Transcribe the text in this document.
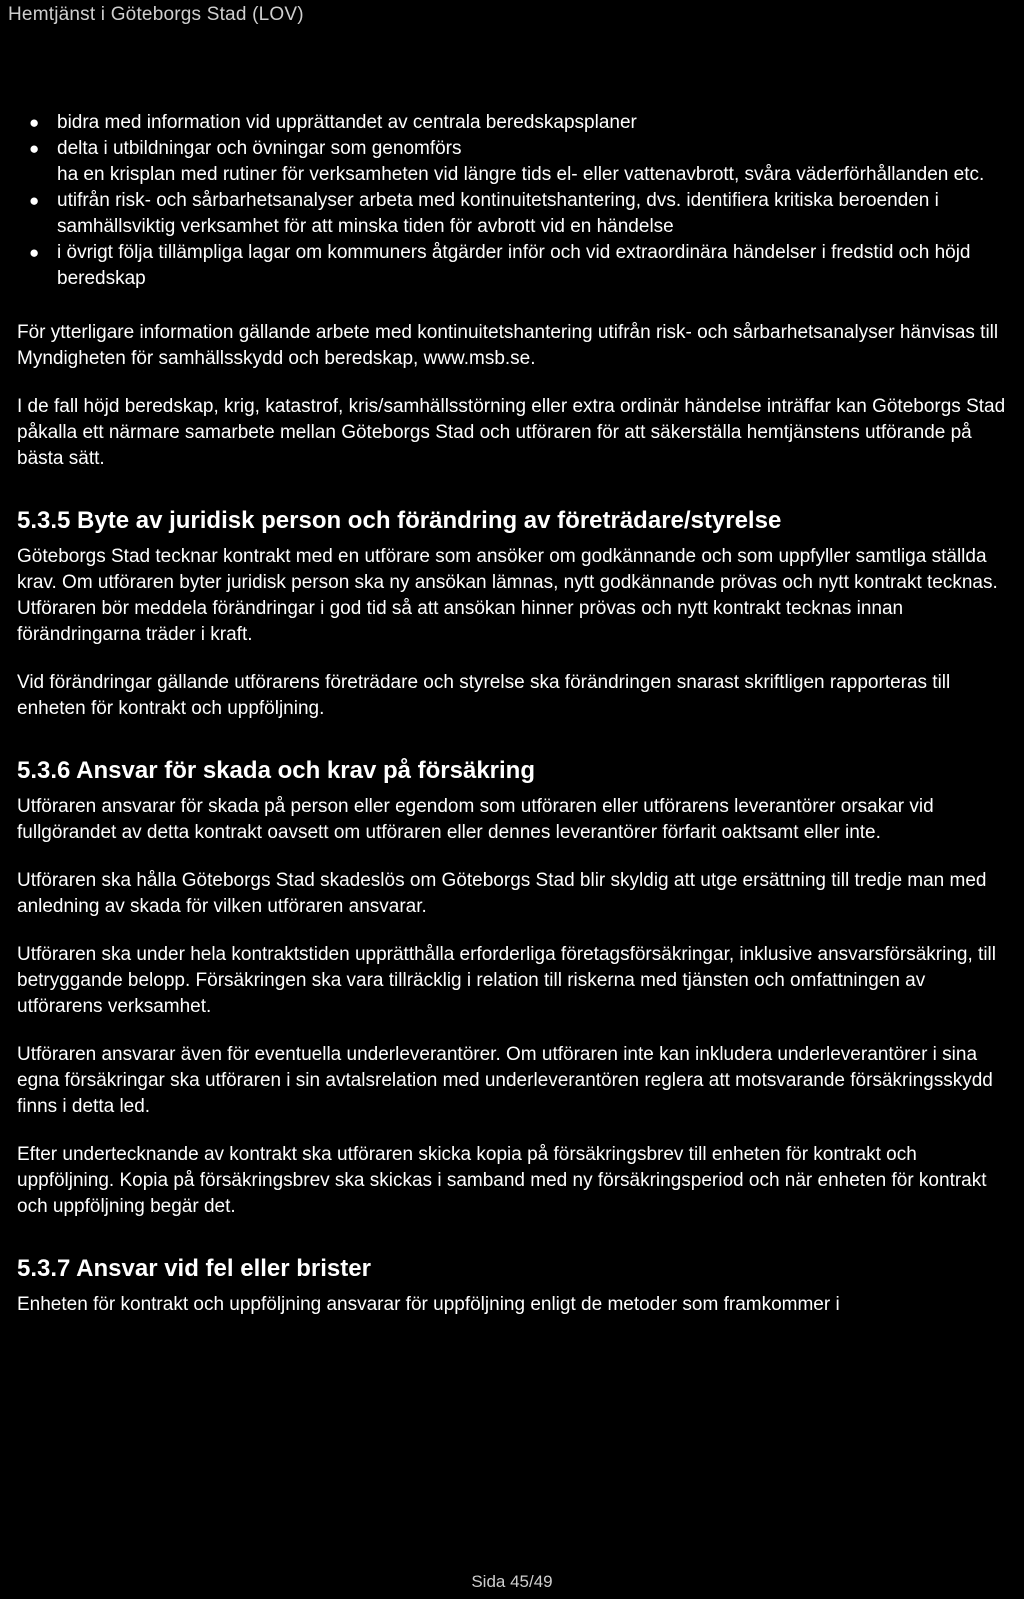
Hemtjänst i Göteborgs Stad (LOV)
● bidra med information vid upprättandet av centrala beredskapsplaner
● delta i utbildningar och övningar som genomförs
ha en krisplan med rutiner för verksamheten vid längre tids el- eller vattenavbrott, svåra väderförhållanden etc.
● utifrån risk- och sårbarhetsanalyser arbeta med kontinuitetshantering, dvs. identifiera kritiska beroenden i samhällsviktig verksamhet för att minska tiden för avbrott vid en händelse
● i övrigt följa tillämpliga lagar om kommuners åtgärder inför och vid extraordinära händelser i fredstid och höjd beredskap

För ytterligare information gällande arbete med kontinuitetshantering utifrån risk- och sårbarhetsanalyser hänvisas till Myndigheten för samhällsskydd och beredskap, www.msb.se.

I de fall höjd beredskap, krig, katastrof, kris/samhällsstörning eller extra ordinär händelse inträffar kan Göteborgs Stad påkalla ett närmare samarbete mellan Göteborgs Stad och utföraren för att säkerställa hemtjänstens utförande på bästa sätt.

5.3.5 Byte av juridisk person och förändring av företrädare/styrelse

Göteborgs Stad tecknar kontrakt med en utförare som ansöker om godkännande och som uppfyller samtliga ställda krav. Om utföraren byter juridisk person ska ny ansökan lämnas, nytt godkännande prövas och nytt kontrakt tecknas. Utföraren bör meddela förändringar i god tid så att ansökan hinner prövas och nytt kontrakt tecknas innan förändringarna träder i kraft.

Vid förändringar gällande utförarens företrädare och styrelse ska förändringen snarast skriftligen rapporteras till enheten för kontrakt och uppföljning.

5.3.6 Ansvar för skada och krav på försäkring

Utföraren ansvarar för skada på person eller egendom som utföraren eller utförarens leverantörer orsakar vid fullgörandet av detta kontrakt oavsett om utföraren eller dennes leverantörer förfarit oaktsamt eller inte.

Utföraren ska hålla Göteborgs Stad skadeslös om Göteborgs Stad blir skyldig att utge ersättning till tredje man med anledning av skada för vilken utföraren ansvarar.

Utföraren ska under hela kontraktstiden upprätthålla erforderliga företagsförsäkringar, inklusive ansvarsförsäkring, till betryggande belopp. Försäkringen ska vara tillräcklig i relation till riskerna med tjänsten och omfattningen av utförarens verksamhet.

Utföraren ansvarar även för eventuella underleverantörer. Om utföraren inte kan inkludera underleverantörer i sina egna försäkringar ska utföraren i sin avtalsrelation med underleverantören reglera att motsvarande försäkringsskydd finns i detta led.

Efter undertecknande av kontrakt ska utföraren skicka kopia på försäkringsbrev till enheten för kontrakt och uppföljning. Kopia på försäkringsbrev ska skickas i samband med ny försäkringsperiod och när enheten för kontrakt och uppföljning begär det.

5.3.7 Ansvar vid fel eller brister

Enheten för kontrakt och uppföljning ansvarar för uppföljning enligt de metoder som framkommer i

Sida 45/49
